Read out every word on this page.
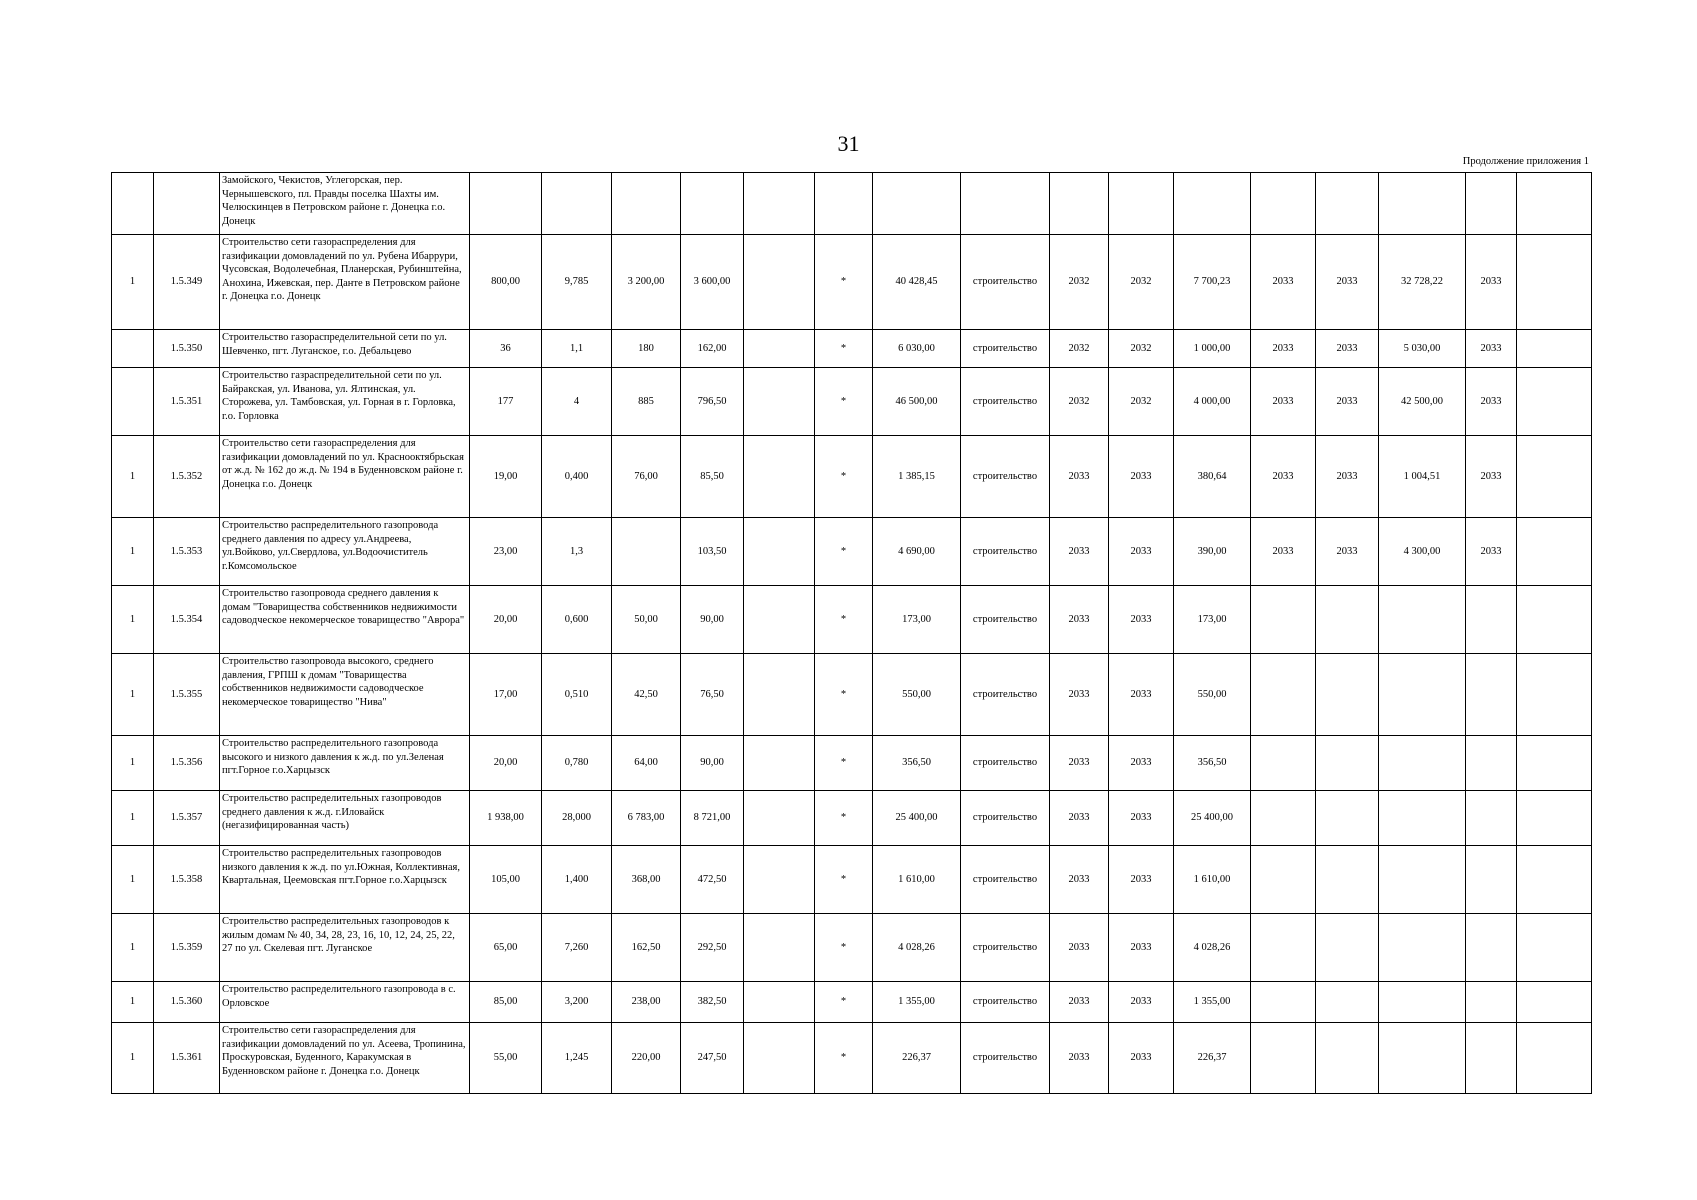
31
Продолжение приложения 1
		Замойского, Чекистов, Углегорская, пер. Чернышевского, пл. Правды поселка Шахты им. Челюскинцев в Петровском районе г. Донецка г.о. Донецк																
1	1.5.349	Строительство сети газораспределения для газификации домовладений по ул. Рубена Ибаррури, Чусовская, Водолечебная, Планерская, Рубинштейна, Анохина, Ижевская, пер. Данте в Петровском районе г. Донецка г.о. Донецк	800,00	9,785	3 200,00	3 600,00		*	40 428,45	строительство	2032	2032	7 700,23	2033	2033	32 728,22	2033	
	1.5.350	Строительство газораспределительной сети по ул. Шевченко, пгт. Луганское, г.о. Дебальцево	36	1,1	180	162,00		*	6 030,00	строительство	2032	2032	1 000,00	2033	2033	5 030,00	2033	
	1.5.351	Строительство газраспределительной сети по ул. Байракская, ул. Иванова, ул. Ялтинская, ул. Сторожева, ул. Тамбовская, ул. Горная в г. Горловка, г.о. Горловка	177	4	885	796,50		*	46 500,00	строительство	2032	2032	4 000,00	2033	2033	42 500,00	2033	
1	1.5.352	Строительство сети газораспределения для газификации домовладений по ул. Краснооктябрьская от ж.д. № 162 до ж.д. № 194 в Буденновском районе г. Донецка г.о. Донецк	19,00	0,400	76,00	85,50		*	1 385,15	строительство	2033	2033	380,64	2033	2033	1 004,51	2033	
1	1.5.353	Строительство распределительного газопровода среднего давления по адресу ул.Андреева, ул.Войково, ул.Свердлова, ул.Водоочиститель г.Комсомольское	23,00	1,3		103,50		*	4 690,00	строительство	2033	2033	390,00	2033	2033	4 300,00	2033	
1	1.5.354	Строительство газопровода среднего давления к домам "Товарищества собственников недвижимости садоводческое некомерческое товарищество "Аврора"	20,00	0,600	50,00	90,00		*	173,00	строительство	2033	2033	173,00					
1	1.5.355	Строительство газопровода высокого, среднего давления, ГРПШ к домам "Товарищества собственников недвижимости садоводческое некомерческое товарищество "Нива"	17,00	0,510	42,50	76,50		*	550,00	строительство	2033	2033	550,00					
1	1.5.356	Строительство распределительного газопровода высокого и низкого давления к ж.д. по ул.Зеленая пгт.Горное г.о.Харцызск	20,00	0,780	64,00	90,00		*	356,50	строительство	2033	2033	356,50					
1	1.5.357	Строительство распределительных газопроводов среднего давления к ж.д. г.Иловайск (негазифицированная часть)	1 938,00	28,000	6 783,00	8 721,00		*	25 400,00	строительство	2033	2033	25 400,00					
1	1.5.358	Строительство распределительных газопроводов низкого давления к ж.д. по ул.Южная, Коллективная, Квартальная, Цеемовская пгт.Горное г.о.Харцызск	105,00	1,400	368,00	472,50		*	1 610,00	строительство	2033	2033	1 610,00					
1	1.5.359	Строительство распределительных газопроводов к жилым домам № 40, 34, 28, 23, 16, 10, 12, 24, 25, 22, 27 по ул. Скелевая пгт. Луганское	65,00	7,260	162,50	292,50		*	4 028,26	строительство	2033	2033	4 028,26					
1	1.5.360	Строительство распределительного газопровода в с. Орловское	85,00	3,200	238,00	382,50		*	1 355,00	строительство	2033	2033	1 355,00					
1	1.5.361	Строительство сети газораспределения для газификации домовладений по ул. Асеева, Тропинина, Проскуровская, Буденного, Каракумская в Буденновском районе г. Донецка г.о. Донецк	55,00	1,245	220,00	247,50		*	226,37	строительство	2033	2033	226,37					
